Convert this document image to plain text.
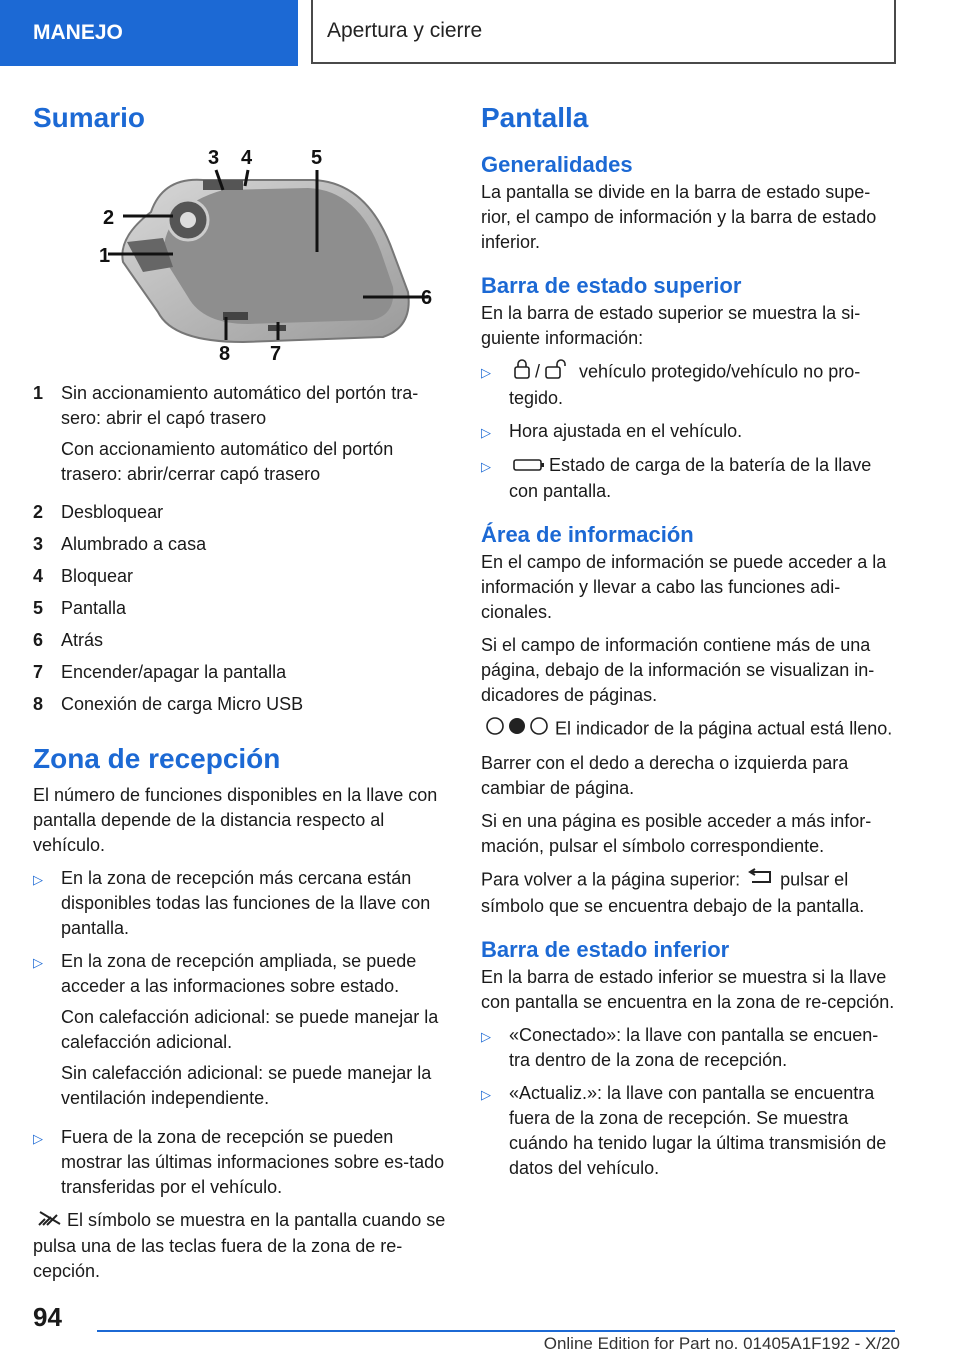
MANEJO	Apertura y cierre
Sumario
1
2
3 4	5
6
7
8
1 Sin accionamiento automático del portón tra‐sero: abrir el capó trasero

Con accionamiento automático del portón trasero: abrir/cerrar capó trasero

2 Desbloquear
3 Alumbrado a casa
4 Bloquear
5 Pantalla
6 Atrás
7 Encender/apagar la pantalla
8 Conexión de carga Micro USB
Zona de recepción

El número de funciones disponibles en la llave con pantalla depende de la distancia respecto al vehículo.

▷	En la zona de recepción más cercana están disponibles todas las funciones de la llave con pantalla.
▷	En la zona de recepción ampliada, se puede acceder a las informaciones sobre estado.

Con calefacción adicional: se puede manejar la calefacción adicional.

Sin calefacción adicional: se puede manejar la ventilación independiente.

▷	Fuera de la zona de recepción se pueden mostrar las últimas informaciones sobre es‐tado transferidas por el vehículo.

El símbolo se muestra en la pantalla cuando se pulsa una de las teclas fuera de la zona de re‐cepción.

Pantalla
Generalidades

La pantalla se divide en la barra de estado supe‐rior, el campo de información y la barra de estado inferior.

Barra de estado superior

En la barra de estado superior se muestra la si‐guiente información:

▷	/ vehículo protegido/vehículo no pro‐tegido.
▷	Hora ajustada en el vehículo.
▷	Estado de carga de la batería de la llave con pantalla.
Área de información

En el campo de información se puede acceder a la información y llevar a cabo las funciones adi‐cionales.

Si el campo de información contiene más de una página, debajo de la información se visualizan in‐dicadores de páginas.

El indicador de la página actual está lleno.

Barrer con el dedo a derecha o izquierda para cambiar de página.

Si en una página es posible acceder a más infor‐mación, pulsar el símbolo correspondiente.

Para volver a la página superior: pulsar el símbolo que se encuentra debajo de la pantalla.

Barra de estado inferior

En la barra de estado inferior se muestra si la llave con pantalla se encuentra en la zona de re‐cepción.

▷	«Conectado»: la llave con pantalla se encuen‐tra dentro de la zona de recepción.
▷	«Actualiz.»: la llave con pantalla se encuentra fuera de la zona de recepción. Se muestra cuándo ha tenido lugar la última transmisión de datos del vehículo.
94
Online Edition for Part no. 01405A1F192 - X/20
